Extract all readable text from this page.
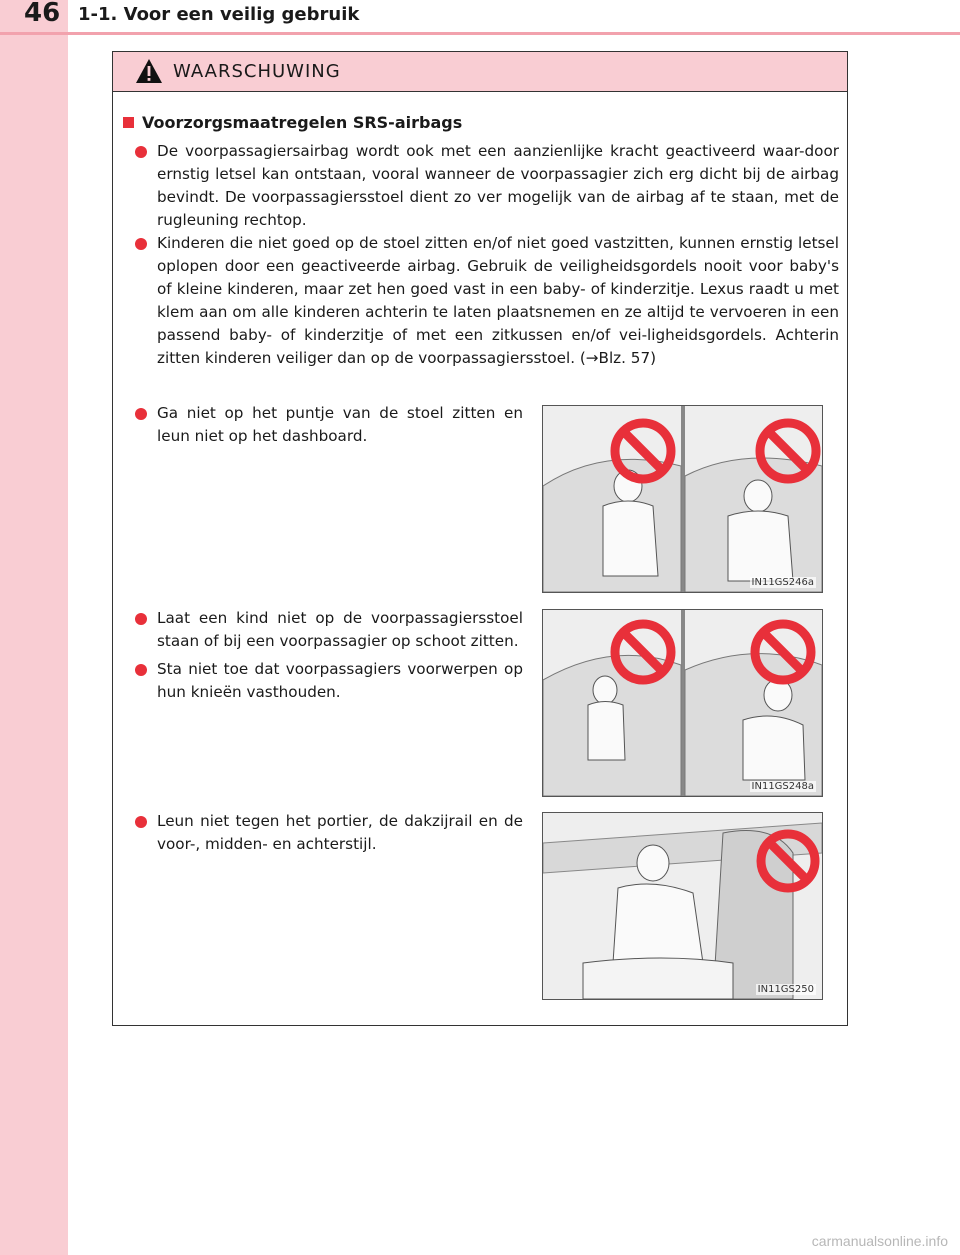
46 1-1. Voor een veilig gebruik
WAARSCHUWING
Voorzorgsmaatregelen SRS-airbags
De voorpassagiersairbag wordt ook met een aanzienlijke kracht geactiveerd waar-door ernstig letsel kan ontstaan, vooral wanneer de voorpassagier zich erg dicht bij de airbag bevindt. De voorpassagiersstoel dient zo ver mogelijk van de airbag af te staan, met de rugleuning rechtop.
Kinderen die niet goed op de stoel zitten en/of niet goed vastzitten, kunnen ernstig letsel oplopen door een geactiveerde airbag. Gebruik de veiligheidsgordels nooit voor baby's of kleine kinderen, maar zet hen goed vast in een baby- of kinderzitje. Lexus raadt u met klem aan om alle kinderen achterin te laten plaatsnemen en ze altijd te vervoeren in een passend baby- of kinderzitje of met een zitkussen en/of vei-ligheidsgordels. Achterin zitten kinderen veiliger dan op de voorpassagiersstoel. (→Blz. 57)
Ga niet op het puntje van de stoel zitten en leun niet op het dashboard.
IN11GS246a
Laat een kind niet op de voorpassagiersstoel staan of bij een voorpassagier op schoot zitten.
Sta niet toe dat voorpassagiers voorwerpen op hun knieën vasthouden.
IN11GS248a
Leun niet tegen het portier, de dakzijrail en de voor-, midden- en achterstijl.
IN11GS250
carmanualsonline.info
